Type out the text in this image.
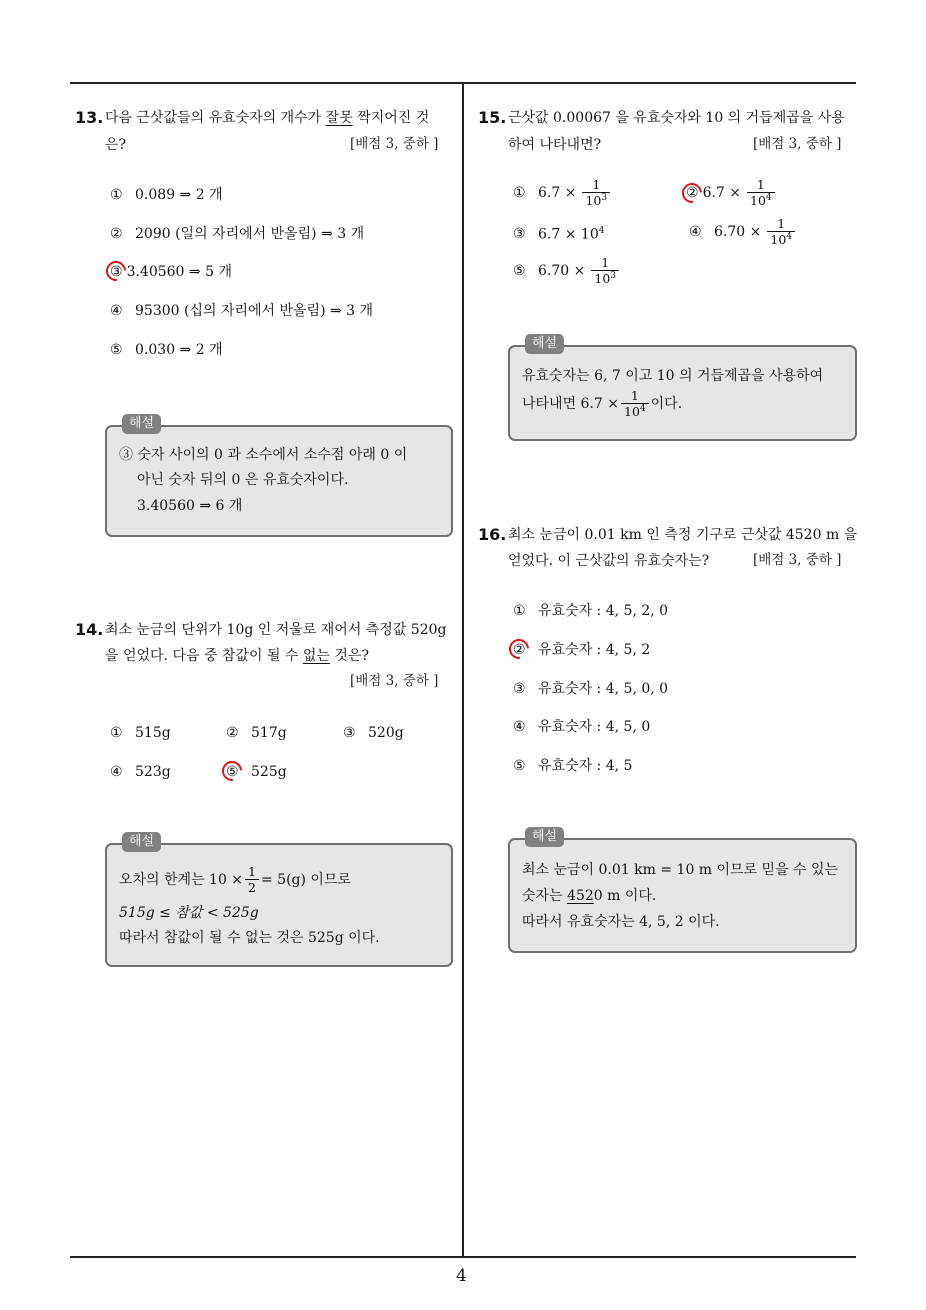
4
13. 다음 근삿값들의 유효숫자의 개수가 잘못 짝지어진 것
은?	[배점 3, 중하 ]
①
0.089 ⇒ 2 개
②
2090 (일의 자리에서 반올림) ⇒ 3 개
③ 3.40560 ⇒ 5 개
④
95300 (십의 자리에서 반올림) ⇒ 3 개
⑤
0.030 ⇒ 2 개
해설
③ 숫자 사이의 0 과 소수에서 소수점 아래 0 이
아닌 숫자 뒤의 0 은 유효숫자이다.
3.40560 ⇒ 6 개
14. 최소 눈금의 단위가 10g 인 저울로 재어서 측정값 520g
을 얻었다. 다음 중 참값이 될 수 없는 것은?
[배점 3, 중하 ]
①
515g	②
517g	③
520g
④
523g	⑤
525g
해설
오차의 한계는 $10 \times \frac{1}{2} = 5(g)$ 이므로
515g ≤ 참값 < 525g
따라서 참값이 될 수 없는 것은 525g 이다.
15. 근삿값 0.00067 을 유효숫자와 10 의 거듭제곱을 사용
하여 나타내면?	[배점 3, 중하 ]
①
$6.7 \times \frac{1}{10^3}$	② $6.7 \times \frac{1}{10^4}$
③
$6.7 \times 10^4$	④
$6.70 \times \frac{1}{10^4}$
⑤
$6.70 \times \frac{1}{10^3}$
해설
유효숫자는 6, 7 이고 10 의 거듭제곱을 사용하여
나타내면 $6.7 \times \frac{1}{10^4}$ 이다.
16. 최소 눈금이 0.01 km 인 측정 기구로 근삿값 4520 m 을
얻었다. 이 근삿값의 유효숫자는?	[배점 3, 중하 ]
①
유효숫자 : 4, 5, 2, 0
②
유효숫자 : 4, 5, 2
③
유효숫자 : 4, 5, 0, 0
④
유효숫자 : 4, 5, 0
⑤
유효숫자 : 4, 5
해설
최소 눈금이 0.01 km = 10 m 이므로 믿을 수 있는
숫자는 4520 m 이다.
따라서 유효숫자는 4, 5, 2 이다.
